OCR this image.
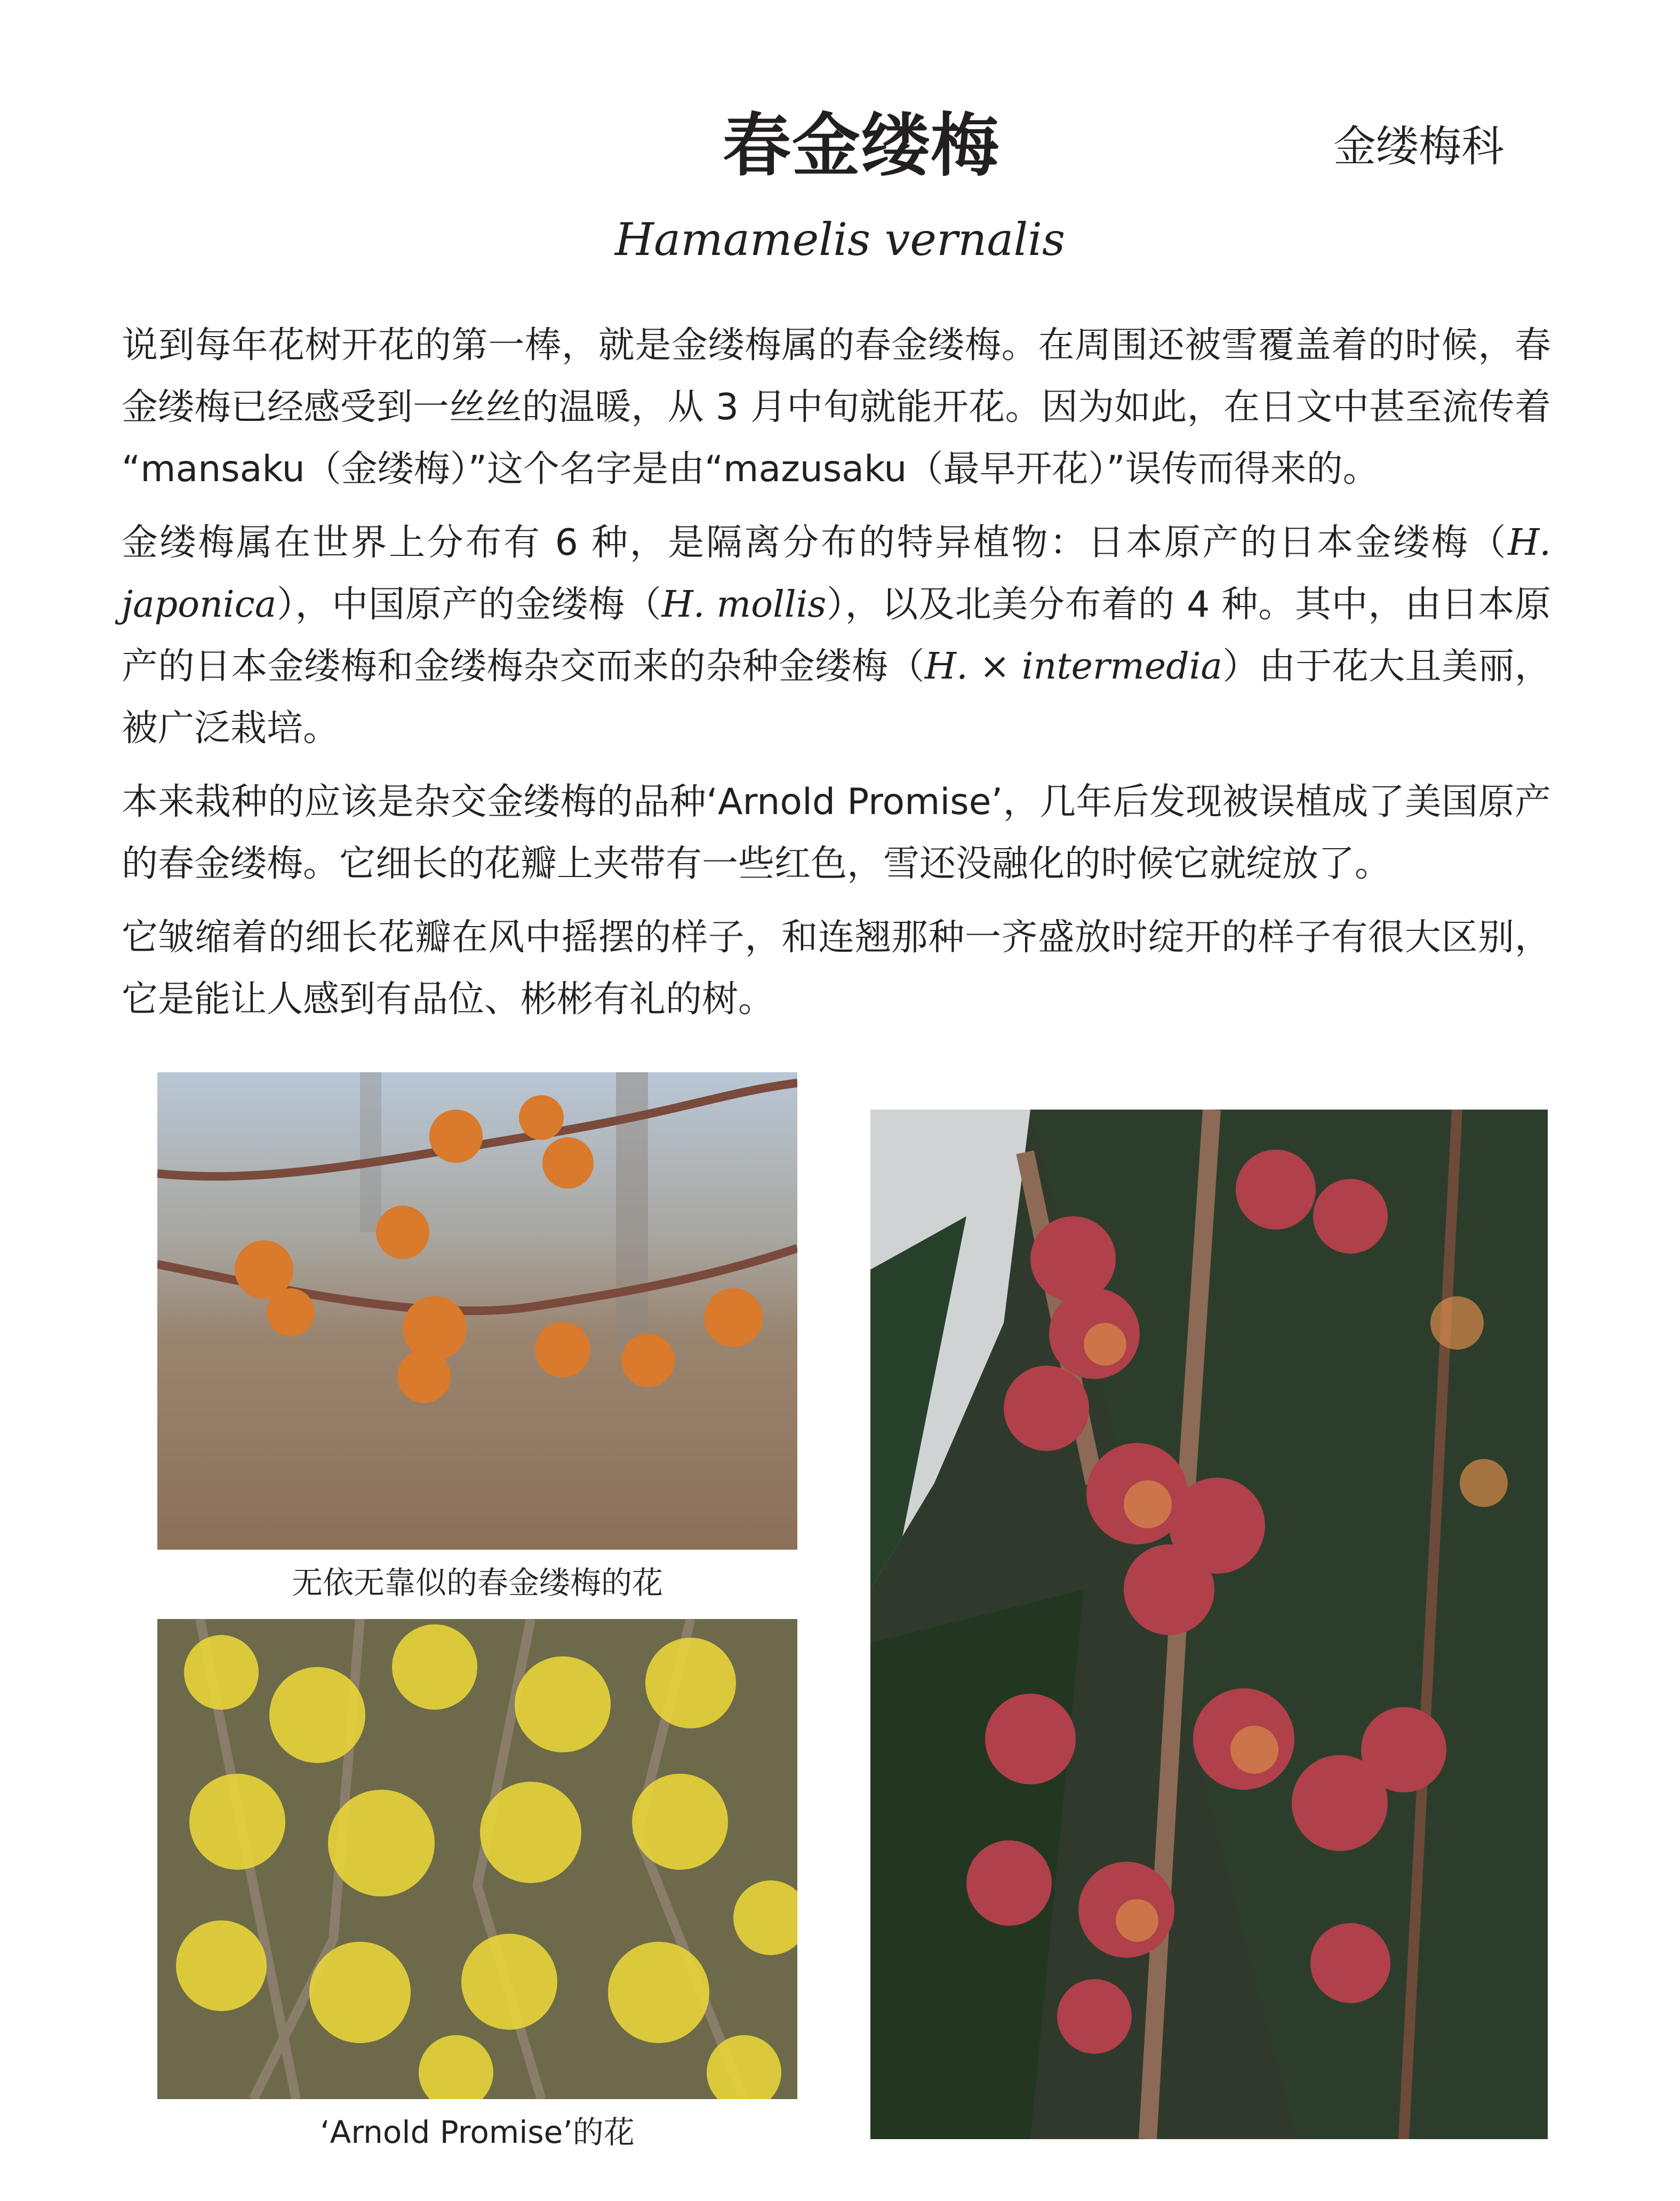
春金缕梅	金缕梅科
Hamamelis vernalis

说到每年花树开花的第一棒，就是金缕梅属的春金缕梅。在周围还被雪覆盖着的时候，春金缕梅已经感受到一丝丝的温暖，从 3 月中旬就能开花。因为如此，在日文中甚至流传着 “mansaku（金缕梅）”这个名字是由“mazusaku（最早开花）”误传而得来的。

金缕梅属在世界上分布有 6 种，是隔离分布的特异植物：日本原产的日本金缕梅（H. japonica），中国原产的金缕梅（H. mollis），以及北美分布着的 4 种。其中，由日本原产的日本金缕梅和金缕梅杂交而来的杂种金缕梅（H. × intermedia）由于花大且美丽，被广泛栽培。

本来栽种的应该是杂交金缕梅的品种‘Arnold Promise’，几年后发现被误植成了美国原产的春金缕梅。它细长的花瓣上夹带有一些红色，雪还没融化的时候它就绽放了。

它皱缩着的细长花瓣在风中摇摆的样子，和连翘那种一齐盛放时绽开的样子有很大区别，它是能让人感到有品位、彬彬有礼的树。

无依无靠似的春金缕梅的花
‘Arnold Promise’的花
